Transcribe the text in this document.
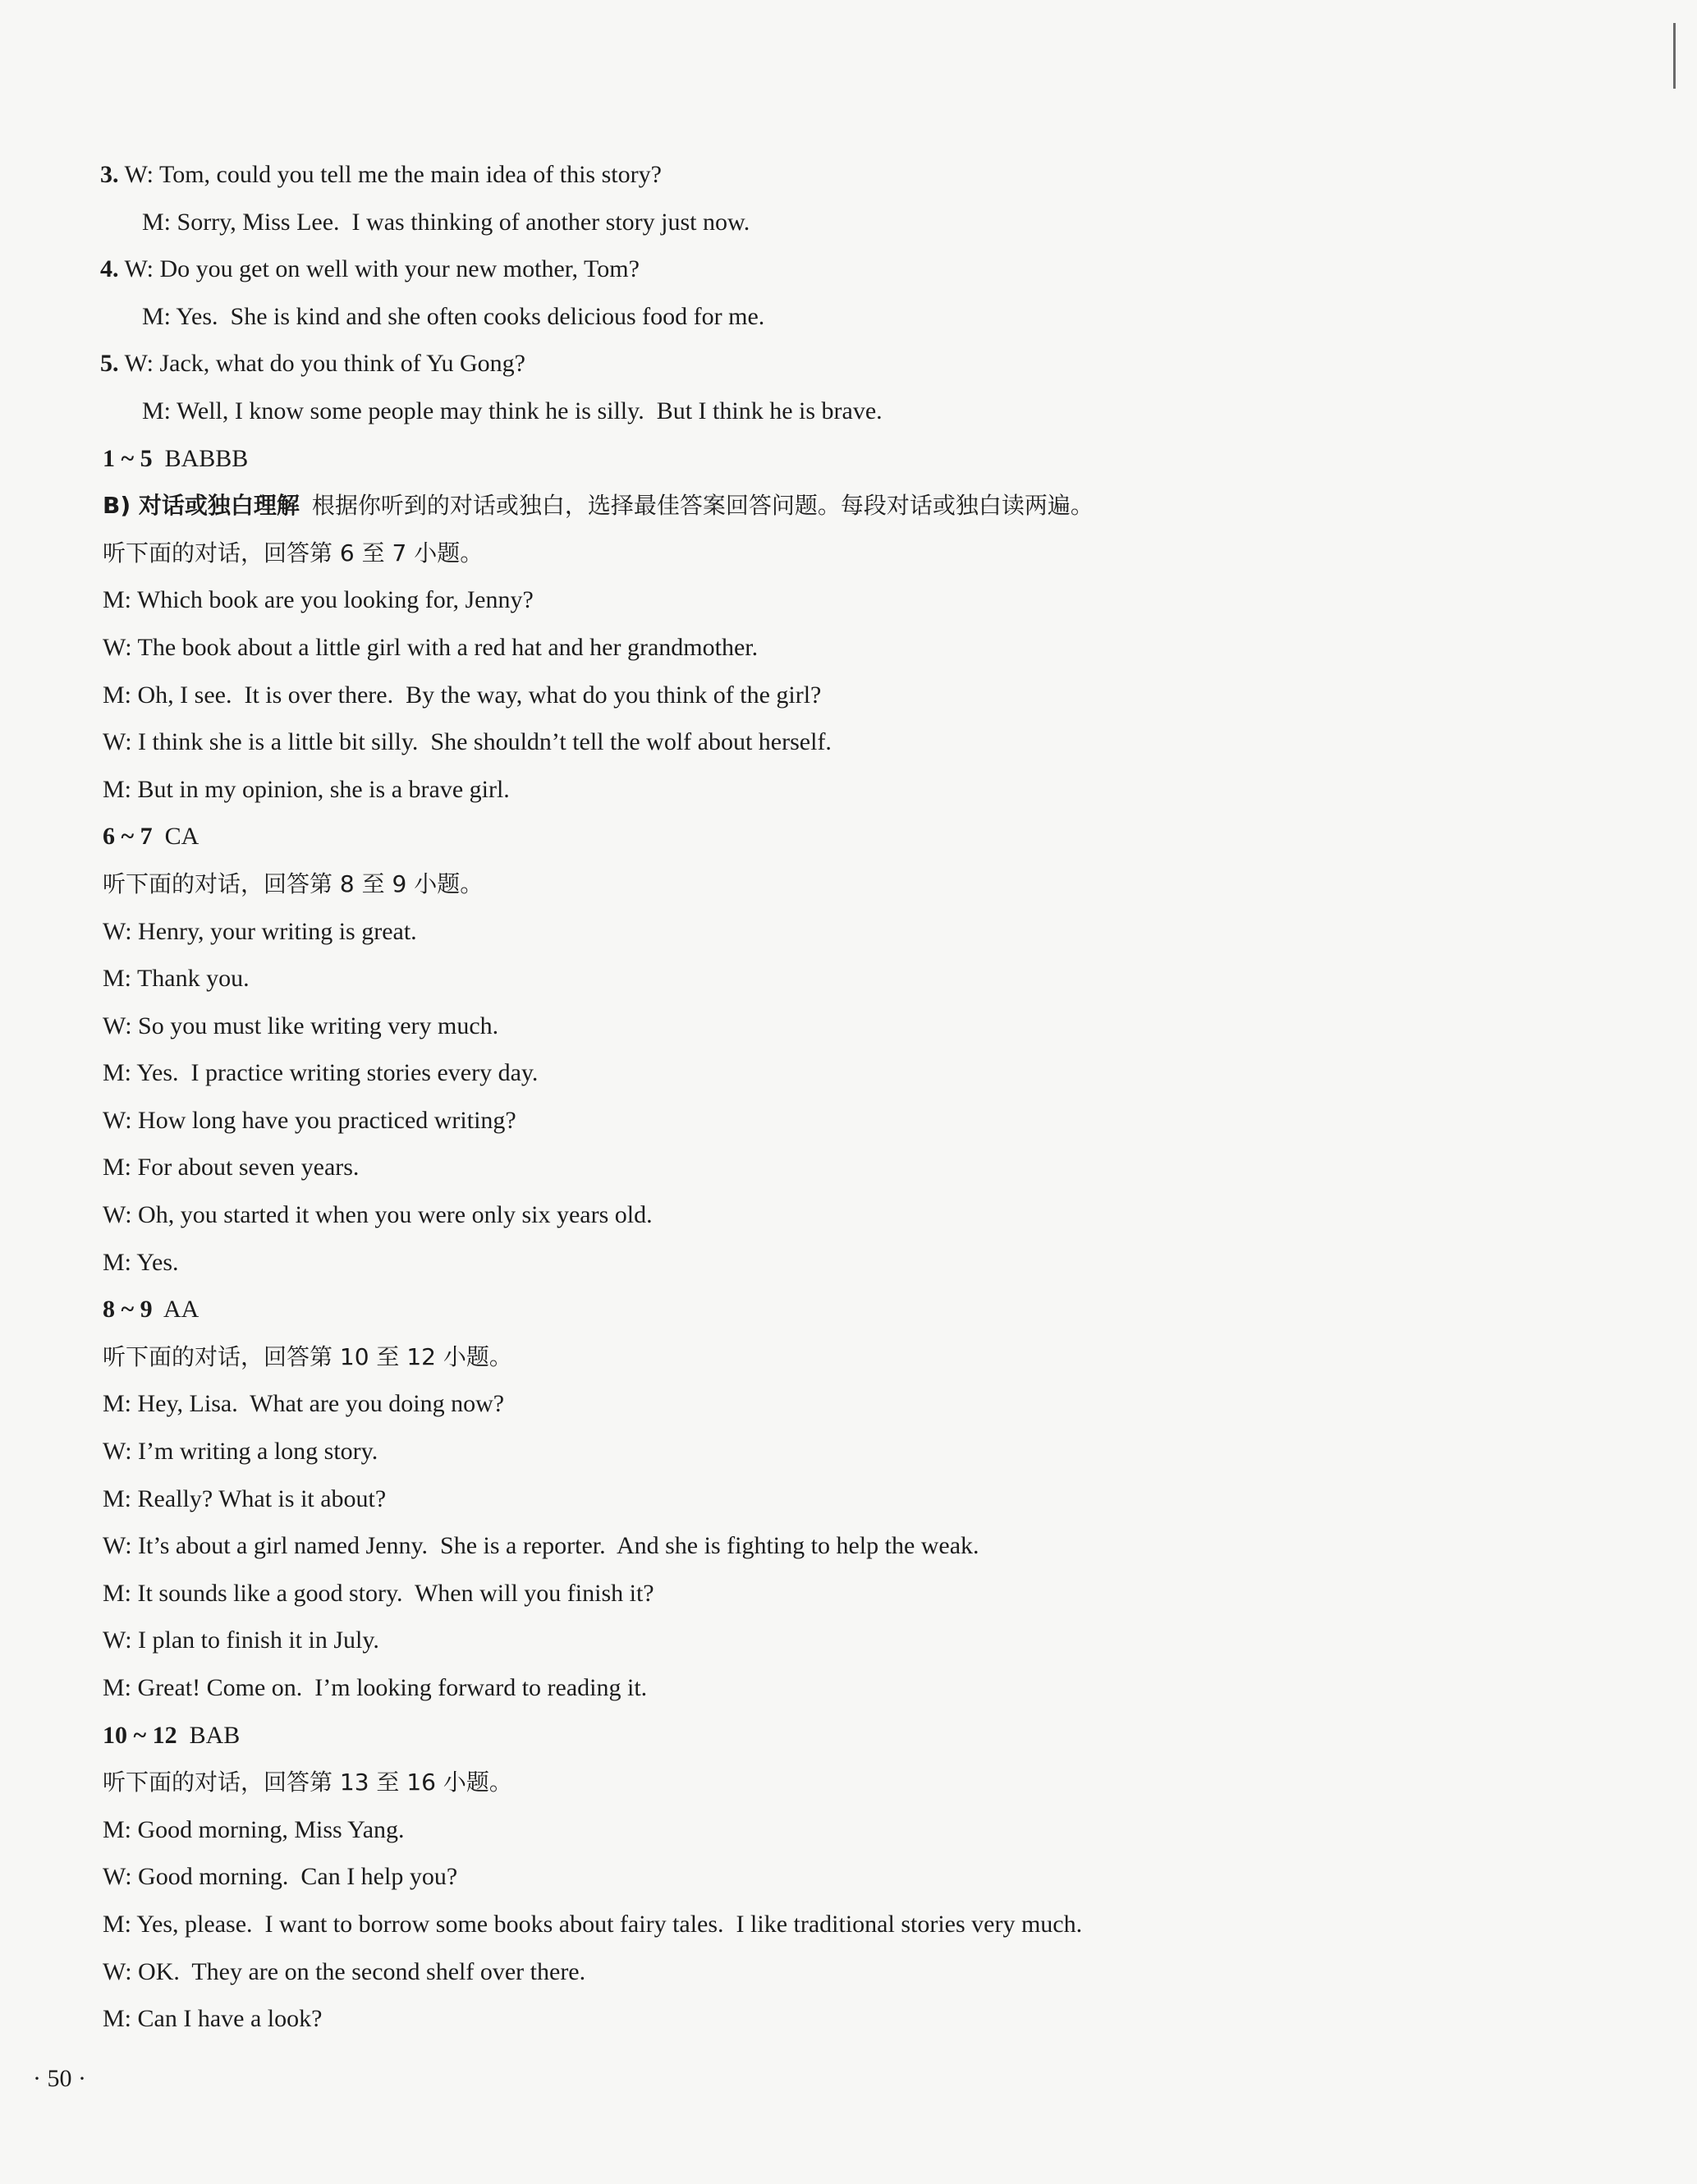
3. W: Tom, could you tell me the main idea of this story?
M: Sorry, Miss Lee.  I was thinking of another story just now.
4. W: Do you get on well with your new mother, Tom?
M: Yes.  She is kind and she often cooks delicious food for me.
5. W: Jack, what do you think of Yu Gong?
M: Well, I know some people may think he is silly.  But I think he is brave.
1 ~ 5 BABBB
B) 对话或独白理解 根据你听到的对话或独白，选择最佳答案回答问题。每段对话或独白读两遍。
听下面的对话，回答第 6 至 7 小题。
M: Which book are you looking for, Jenny?
W: The book about a little girl with a red hat and her grandmother.
M: Oh, I see.  It is over there.  By the way, what do you think of the girl?
W: I think she is a little bit silly.  She shouldn’t tell the wolf about herself.
M: But in my opinion, she is a brave girl.
6 ~ 7 CA
听下面的对话，回答第 8 至 9 小题。
W: Henry, your writing is great.
M: Thank you.
W: So you must like writing very much.
M: Yes.  I practice writing stories every day.
W: How long have you practiced writing?
M: For about seven years.
W: Oh, you started it when you were only six years old.
M: Yes.
8 ~ 9 AA
听下面的对话，回答第 10 至 12 小题。
M: Hey, Lisa.  What are you doing now?
W: I’m writing a long story.
M: Really? What is it about?
W: It’s about a girl named Jenny.  She is a reporter.  And she is fighting to help the weak.
M: It sounds like a good story.  When will you finish it?
W: I plan to finish it in July.
M: Great! Come on.  I’m looking forward to reading it.
10 ~ 12 BAB
听下面的对话，回答第 13 至 16 小题。
M: Good morning, Miss Yang.
W: Good morning.  Can I help you?
M: Yes, please.  I want to borrow some books about fairy tales.  I like traditional stories very much.
W: OK.  They are on the second shelf over there.
M: Can I have a look?
· 50 ·
